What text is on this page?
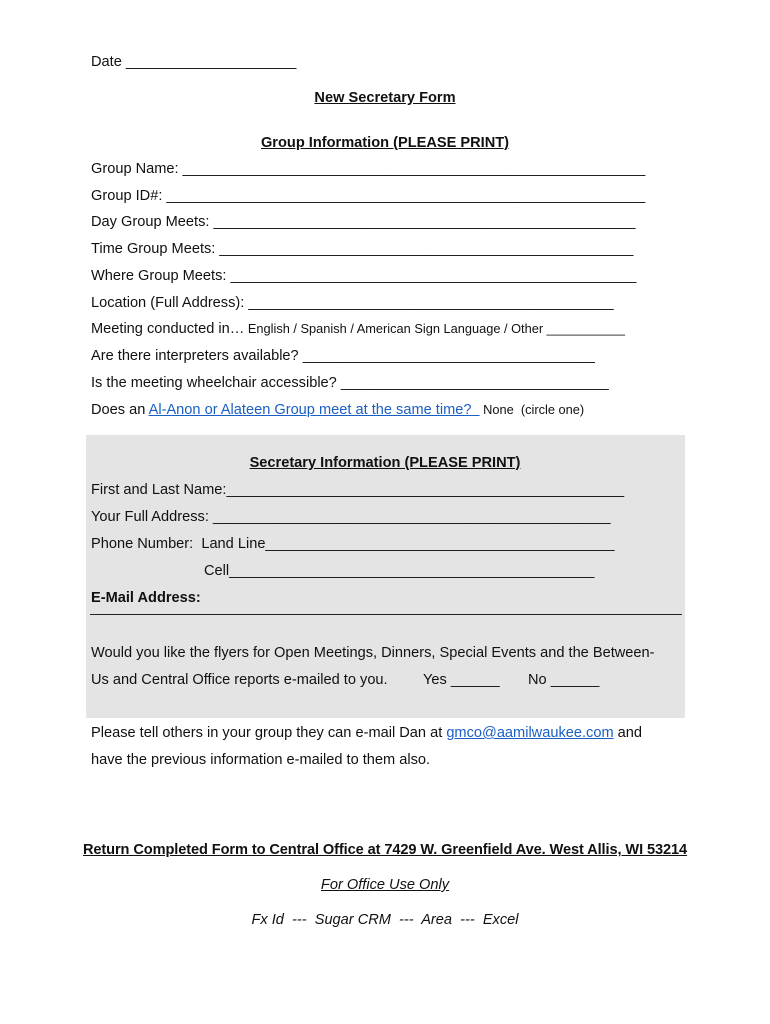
Date _____________________
New Secretary Form
Group Information (PLEASE PRINT)
Group Name: _________________________________________________________
Group ID#: ___________________________________________________________
Day Group Meets: ____________________________________________________
Time Group Meets: ___________________________________________________
Where Group Meets: __________________________________________________
Location (Full Address): _____________________________________________
Meeting conducted in… English / Spanish / American Sign Language / Other ___________
Are there interpreters available? ____________________________________
Is the meeting wheelchair accessible? _________________________________
Does an Al-Anon or Alateen Group meet at the same time?   None  (circle one)
Secretary Information (PLEASE PRINT)
First and Last Name:_________________________________________________
Your Full Address: _________________________________________________
Phone Number:  Land Line___________________________________________
Cell_____________________________________________
E-Mail Address:
Would you like the flyers for Open Meetings, Dinners, Special Events and the Between-
Us and Central Office reports e-mailed to you. Yes ______ No ______
Please tell others in your group they can e-mail Dan at gmco@aamilwaukee.com and
have the previous information e-mailed to them also.
Return Completed Form to Central Office at 7429 W. Greenfield Ave. West Allis, WI 53214
For Office Use Only
Fx Id  ---  Sugar CRM  ---  Area  ---  Excel
